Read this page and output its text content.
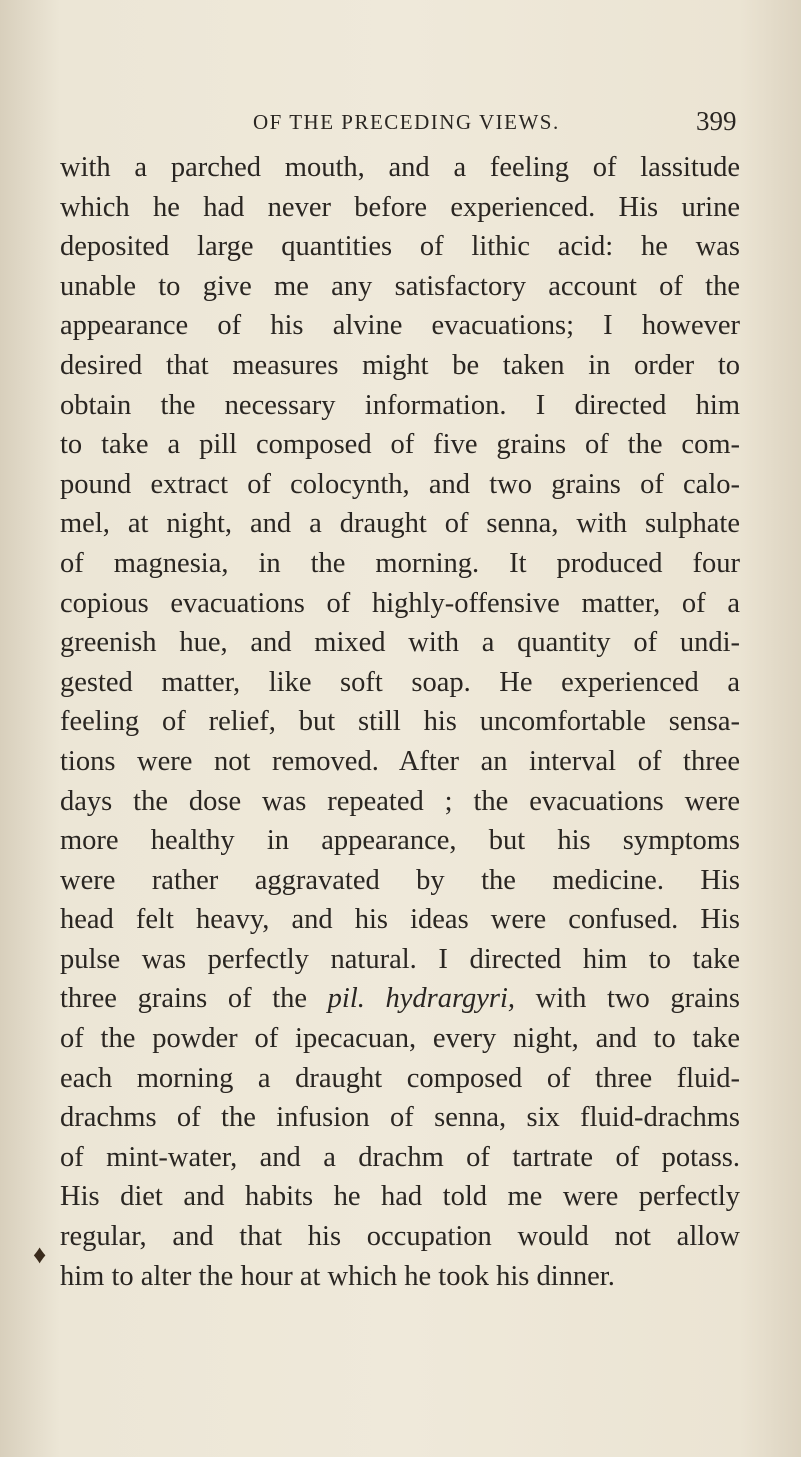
OF THE PRECEDING VIEWS.	399
with a parched mouth, and a feeling of lassitude
which he had never before experienced. His urine
deposited large quantities of lithic acid: he was
unable to give me any satisfactory account of the
appearance of his alvine evacuations; I however
desired that measures might be taken in order to
obtain the necessary information. I directed him
to take a pill composed of five grains of the com-
pound extract of colocynth, and two grains of calo-
mel, at night, and a draught of senna, with sulphate
of magnesia, in the morning. It produced four
copious evacuations of highly-offensive matter, of a
greenish hue, and mixed with a quantity of undi-
gested matter, like soft soap. He experienced a
feeling of relief, but still his uncomfortable sensa-
tions were not removed. After an interval of three
days the dose was repeated ; the evacuations were
more healthy in appearance, but his symptoms
were rather aggravated by the medicine. His
head felt heavy, and his ideas were confused. His
pulse was perfectly natural. I directed him to take
three grains of the pil. hydrargyri, with two grains
of the powder of ipecacuan, every night, and to take
each morning a draught composed of three fluid-
drachms of the infusion of senna, six fluid-drachms
of mint-water, and a drachm of tartrate of potass.
His diet and habits he had told me were perfectly
regular, and that his occupation would not allow
him to alter the hour at which he took his dinner.
♦
